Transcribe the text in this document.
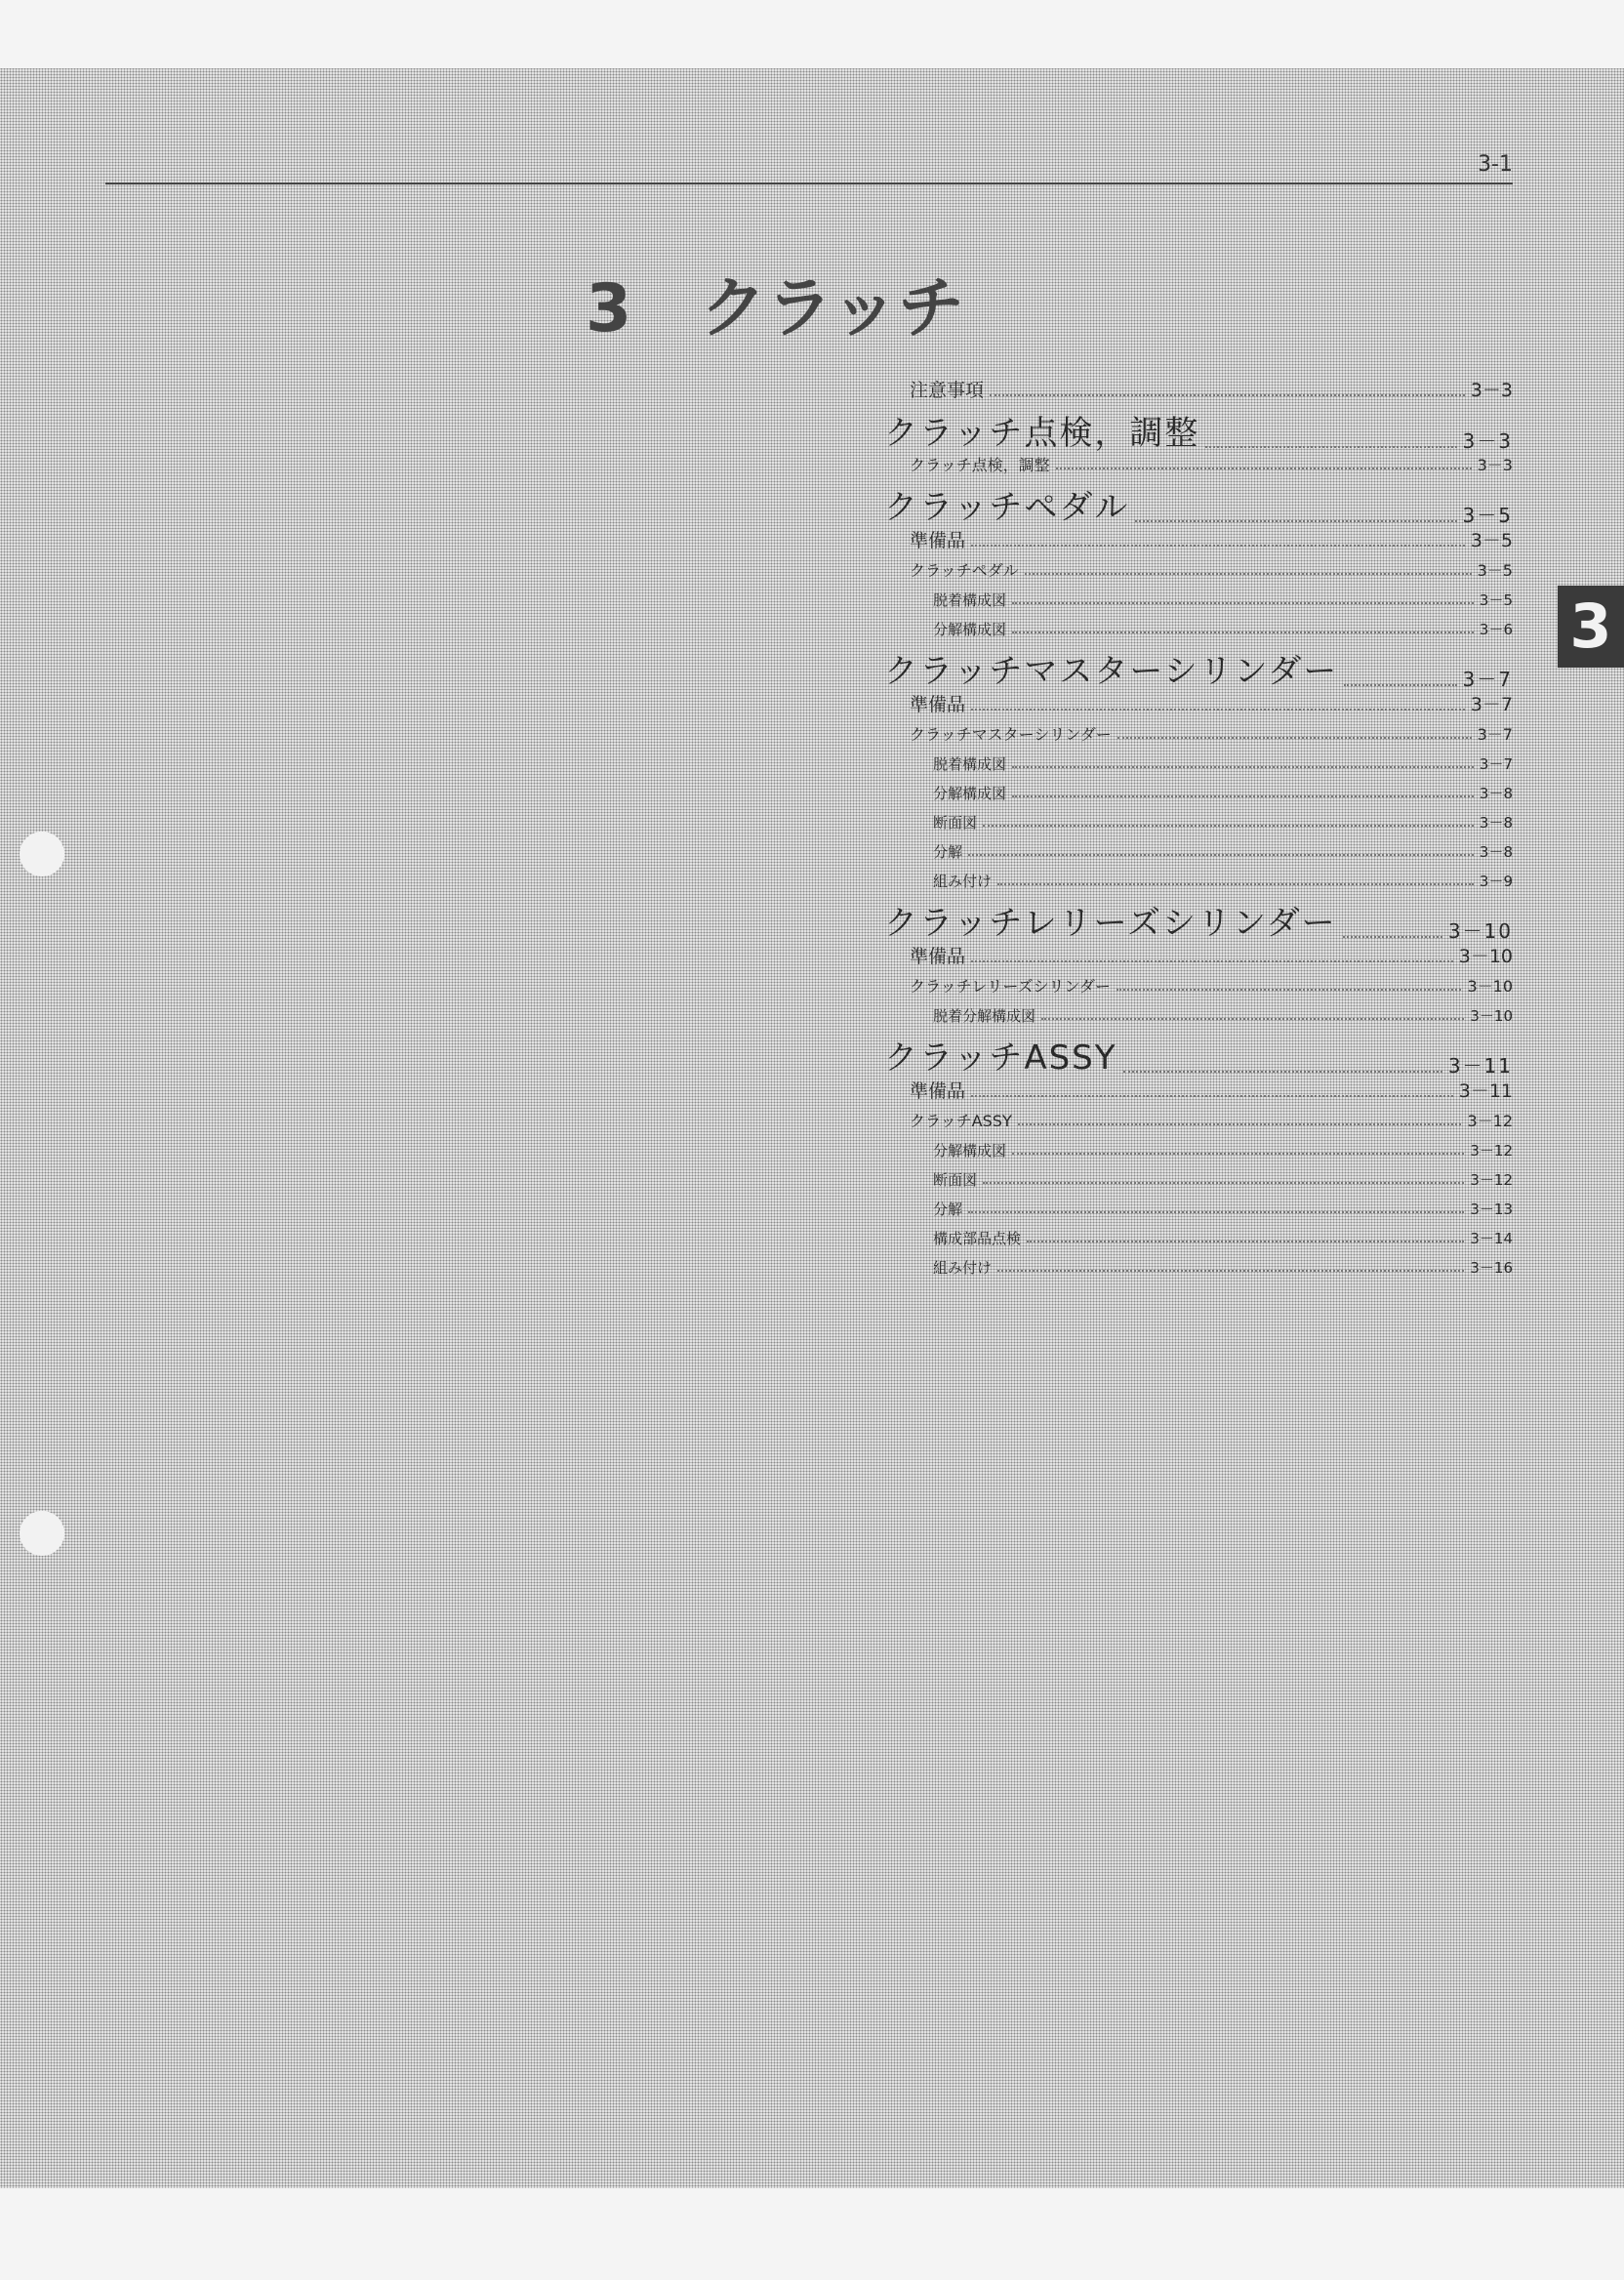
3-1
3 クラッチ
注意事項	3－3
クラッチ点検，調整	3－3
クラッチ点検，調整	3－3
クラッチペダル	3－5
準備品	3－5
クラッチペダル	3－5
脱着構成図	3－5
分解構成図	3－6
クラッチマスターシリンダー	3－7
準備品	3－7
クラッチマスターシリンダー	3－7
脱着構成図	3－7
分解構成図	3－8
断面図	3－8
分解	3－8
組み付け	3－9
クラッチレリーズシリンダー	3－10
準備品	3－10
クラッチレリーズシリンダー	3－10
脱着分解構成図	3－10
クラッチASSY	3－11
準備品	3－11
クラッチASSY	3－12
分解構成図	3－12
断面図	3－12
分解	3－13
構成部品点検	3－14
組み付け	3－16
3
